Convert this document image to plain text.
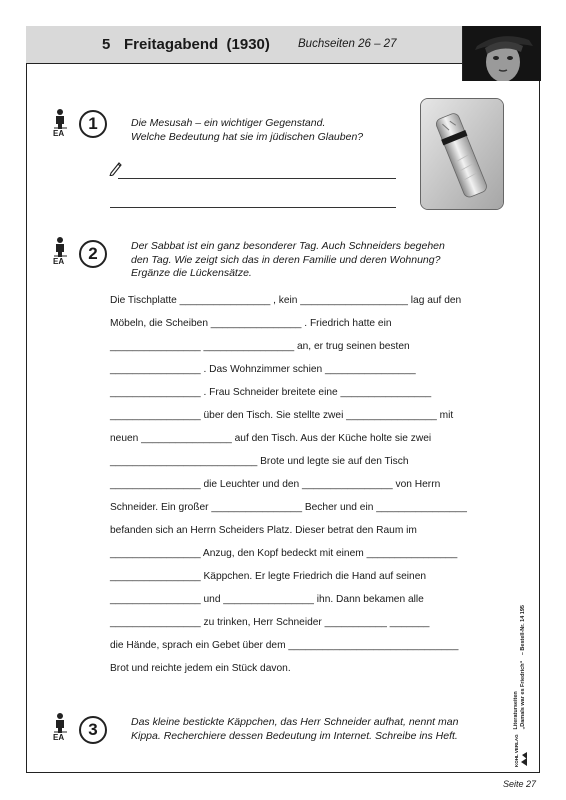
5 Freitagabend  (1930) Buchseiten 26 – 27
EA
1	Die Mesusah – ein wichtiger Gegenstand.
Welche Bedeutung hat sie im jüdischen Glauben?
EA	2	Der Sabbat ist ein ganz besonderer Tag. Auch Schneiders begehen
den Tag. Wie zeigt sich das in deren Familie und deren Wohnung?
Ergänze die Lückensätze.
Die Tischplatte ________________ , kein ___________________ lag auf den
Möbeln, die Scheiben ________________ . Friedrich hatte ein
________________ ________________ an, er trug seinen besten
________________ . Das Wohnzimmer schien ________________
________________ . Frau Schneider breitete eine ________________
________________ über den Tisch. Sie stellte zwei ________________ mit
neuen ________________ auf den Tisch. Aus der Küche holte sie zwei
__________________________ Brote und legte sie auf den Tisch
________________ die Leuchter und den ________________ von Herrn
Schneider. Ein großer ________________ Becher und ein ________________
befanden sich an Herrn Scheiders Platz. Dieser betrat den Raum im
________________ Anzug, den Kopf bedeckt mit einem ________________
________________ Käppchen. Er legte Friedrich die Hand auf seinen
________________ und ________________ ihn. Dann bekamen alle
________________ zu trinken, Herr Schneider ___________ _______
die Hände, sprach ein Gebet über dem ______________________________
Brot und reichte jedem ein Stück davon.
EA	3	Das kleine bestickte Käppchen, das Herr Schneider aufhat, nennt man
Kippa. Recherchiere dessen Bedeutung im Internet. Schreibe ins Heft.	KOHL VERLAG

Literaturseiten „Damals war es Friedrich“ – Bestell-Nr. 14 195
Seite 27
